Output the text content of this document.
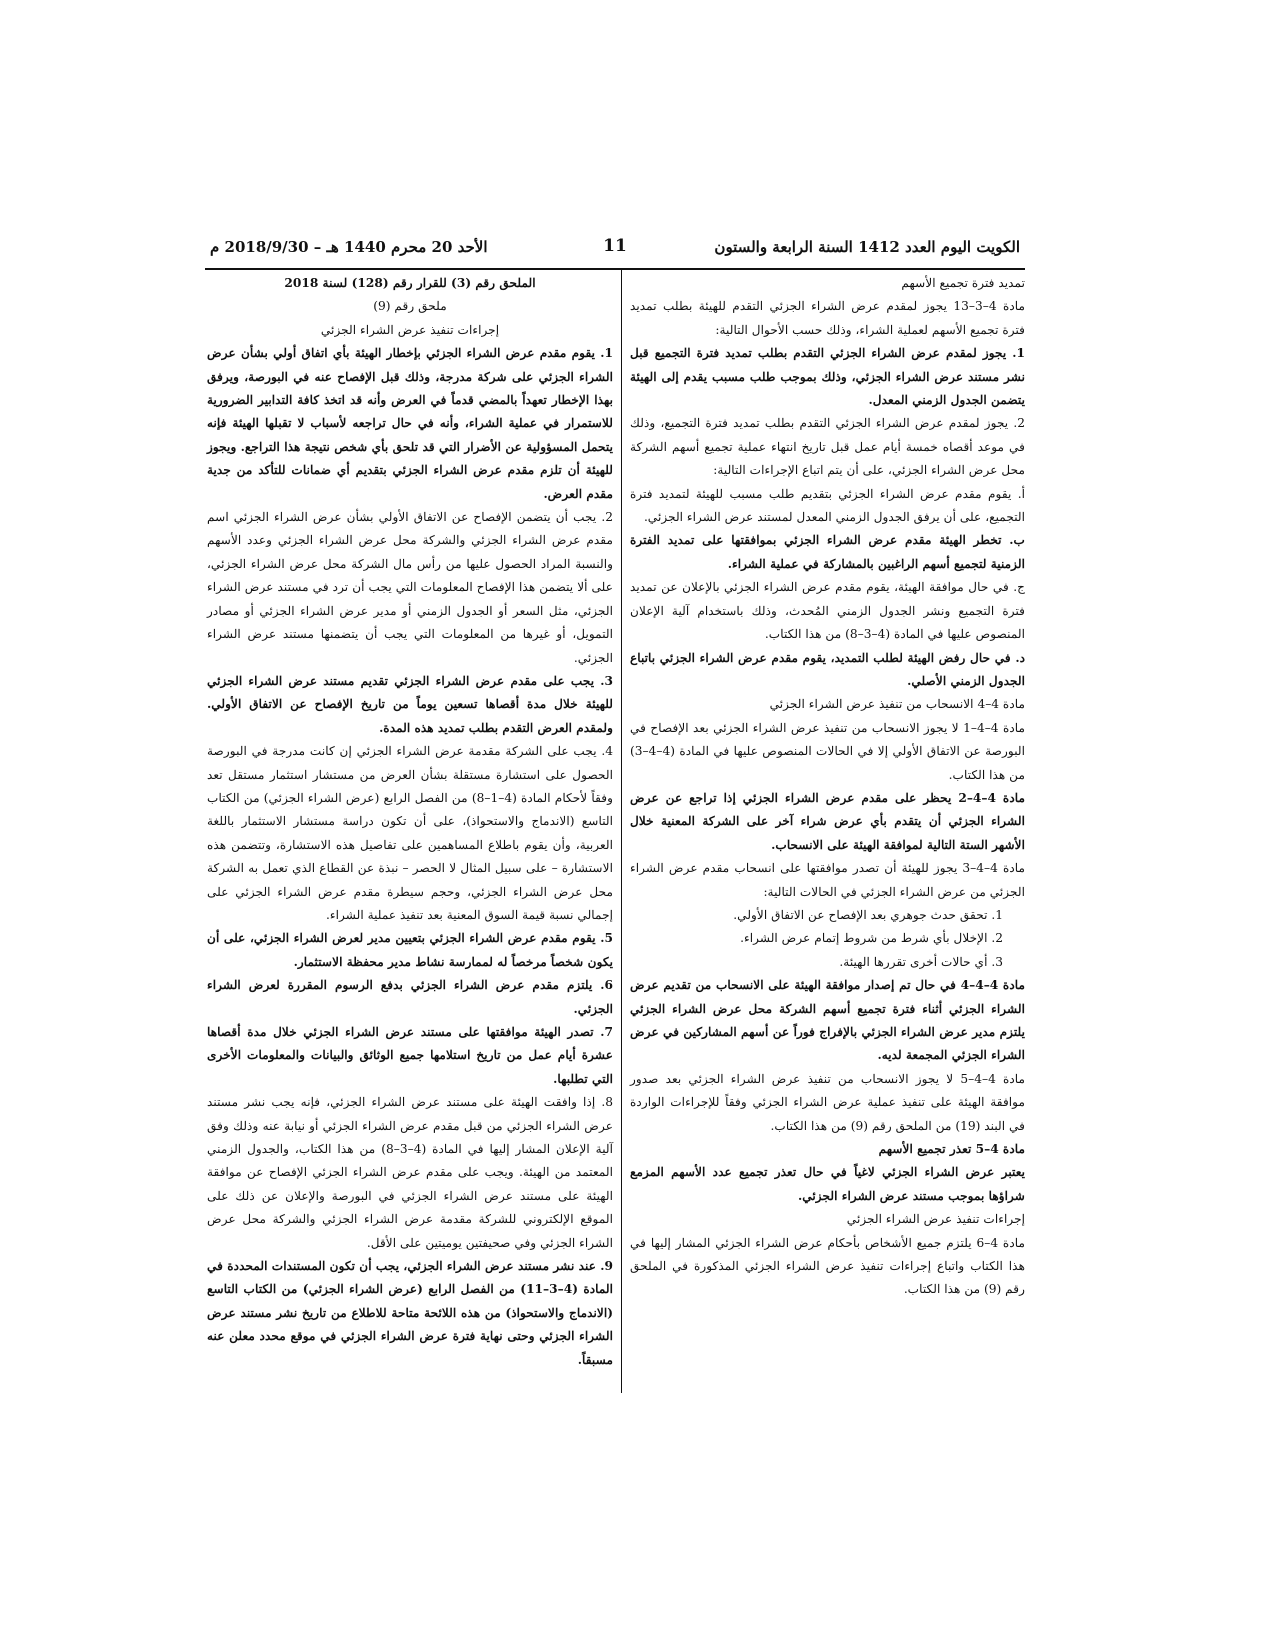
الكويت اليوم العدد 1412 السنة الرابعة والستون
11
الأحد 20 محرم 1440 هـ – 2018/9/30 م

تمديد فترة تجميع الأسهم

مادة 4–3–13 يجوز لمقدم عرض الشراء الجزئي التقدم للهيئة بطلب تمديد فترة تجميع الأسهم لعملية الشراء، وذلك حسب الأحوال التالية:

1. يجوز لمقدم عرض الشراء الجزئي التقدم بطلب تمديد فترة التجميع قبل نشر مستند عرض الشراء الجزئي، وذلك بموجب طلب مسبب يقدم إلى الهيئة يتضمن الجدول الزمني المعدل.

2. يجوز لمقدم عرض الشراء الجزئي التقدم بطلب تمديد فترة التجميع، وذلك في موعد أقصاه خمسة أيام عمل قبل تاريخ انتهاء عملية تجميع أسهم الشركة محل عرض الشراء الجزئي، على أن يتم اتباع الإجراءات التالية:

أ. يقوم مقدم عرض الشراء الجزئي بتقديم طلب مسبب للهيئة لتمديد فترة التجميع، على أن يرفق الجدول الزمني المعدل لمستند عرض الشراء الجزئي.

ب. تخطر الهيئة مقدم عرض الشراء الجزئي بموافقتها على تمديد الفترة الزمنية لتجميع أسهم الراغبين بالمشاركة في عملية الشراء.

ج. في حال موافقة الهيئة، يقوم مقدم عرض الشراء الجزئي بالإعلان عن تمديد فترة التجميع ونشر الجدول الزمني المُحدث، وذلك باستخدام آلية الإعلان المنصوص عليها في المادة (4–3–8) من هذا الكتاب.

د. في حال رفض الهيئة لطلب التمديد، يقوم مقدم عرض الشراء الجزئي باتباع الجدول الزمني الأصلي.

مادة 4–4 الانسحاب من تنفيذ عرض الشراء الجزئي

مادة 4–4–1 لا يجوز الانسحاب من تنفيذ عرض الشراء الجزئي بعد الإفصاح في البورصة عن الاتفاق الأولي إلا في الحالات المنصوص عليها في المادة (4–4–3) من هذا الكتاب.

مادة 4–4–2 يحظر على مقدم عرض الشراء الجزئي إذا تراجع عن عرض الشراء الجزئي أن يتقدم بأي عرض شراء آخر على الشركة المعنية خلال الأشهر الستة التالية لموافقة الهيئة على الانسحاب.

مادة 4–4–3 يجوز للهيئة أن تصدر موافقتها على انسحاب مقدم عرض الشراء الجزئي من عرض الشراء الجزئي في الحالات التالية:

1. تحقق حدث جوهري بعد الإفصاح عن الاتفاق الأولي.

2. الإخلال بأي شرط من شروط إتمام عرض الشراء.

3. أي حالات أخرى تقررها الهيئة.

مادة 4–4–4 في حال تم إصدار موافقة الهيئة على الانسحاب من تقديم عرض الشراء الجزئي أثناء فترة تجميع أسهم الشركة محل عرض الشراء الجزئي يلتزم مدير عرض الشراء الجزئي بالإفراج فوراً عن أسهم المشاركين في عرض الشراء الجزئي المجمعة لديه.

مادة 4–4–5 لا يجوز الانسحاب من تنفيذ عرض الشراء الجزئي بعد صدور موافقة الهيئة على تنفيذ عملية عرض الشراء الجزئي وفقاً للإجراءات الواردة في البند (19) من الملحق رقم (9) من هذا الكتاب.

مادة 4–5 تعذر تجميع الأسهم

يعتبر عرض الشراء الجزئي لاغياً في حال تعذر تجميع عدد الأسهم المزمع شراؤها بموجب مستند عرض الشراء الجزئي.

إجراءات تنفيذ عرض الشراء الجزئي

مادة 4–6 يلتزم جميع الأشخاص بأحكام عرض الشراء الجزئي المشار إليها في هذا الكتاب واتباع إجراءات تنفيذ عرض الشراء الجزئي المذكورة في الملحق رقم (9) من هذا الكتاب.

الملحق رقم (3) للقرار رقم (128) لسنة 2018

ملحق رقم (9)

إجراءات تنفيذ عرض الشراء الجزئي

1. يقوم مقدم عرض الشراء الجزئي بإخطار الهيئة بأي اتفاق أولي بشأن عرض الشراء الجزئي على شركة مدرجة، وذلك قبل الإفصاح عنه في البورصة، ويرفق بهذا الإخطار تعهداً بالمضي قدماً في العرض وأنه قد اتخذ كافة التدابير الضرورية للاستمرار في عملية الشراء، وأنه في حال تراجعه لأسباب لا تقبلها الهيئة فإنه يتحمل المسؤولية عن الأضرار التي قد تلحق بأي شخص نتيجة هذا التراجع. ويجوز للهيئة أن تلزم مقدم عرض الشراء الجزئي بتقديم أي ضمانات للتأكد من جدية مقدم العرض.

2. يجب أن يتضمن الإفصاح عن الاتفاق الأولي بشأن عرض الشراء الجزئي اسم مقدم عرض الشراء الجزئي والشركة محل عرض الشراء الجزئي وعدد الأسهم والنسبة المراد الحصول عليها من رأس مال الشركة محل عرض الشراء الجزئي، على ألا يتضمن هذا الإفصاح المعلومات التي يجب أن ترد في مستند عرض الشراء الجزئي، مثل السعر أو الجدول الزمني أو مدير عرض الشراء الجزئي أو مصادر التمويل، أو غيرها من المعلومات التي يجب أن يتضمنها مستند عرض الشراء الجزئي.

3. يجب على مقدم عرض الشراء الجزئي تقديم مستند عرض الشراء الجزئي للهيئة خلال مدة أقصاها تسعين يوماً من تاريخ الإفصاح عن الاتفاق الأولي. ولمقدم العرض التقدم بطلب تمديد هذه المدة.

4. يجب على الشركة مقدمة عرض الشراء الجزئي إن كانت مدرجة في البورصة الحصول على استشارة مستقلة بشأن العرض من مستشار استثمار مستقل تعد وفقاً لأحكام المادة (4–1–8) من الفصل الرابع (عرض الشراء الجزئي) من الكتاب التاسع (الاندماج والاستحواذ)، على أن تكون دراسة مستشار الاستثمار باللغة العربية، وأن يقوم باطلاع المساهمين على تفاصيل هذه الاستشارة، وتتضمن هذه الاستشارة – على سبيل المثال لا الحصر – نبذة عن القطاع الذي تعمل به الشركة محل عرض الشراء الجزئي، وحجم سيطرة مقدم عرض الشراء الجزئي على إجمالي نسبة قيمة السوق المعنية بعد تنفيذ عملية الشراء.

5. يقوم مقدم عرض الشراء الجزئي بتعيين مدير لعرض الشراء الجزئي، على أن يكون شخصاً مرخصاً له لممارسة نشاط مدير محفظة الاستثمار.

6. يلتزم مقدم عرض الشراء الجزئي بدفع الرسوم المقررة لعرض الشراء الجزئي.

7. تصدر الهيئة موافقتها على مستند عرض الشراء الجزئي خلال مدة أقصاها عشرة أيام عمل من تاريخ استلامها جميع الوثائق والبيانات والمعلومات الأخرى التي تطلبها.

8. إذا وافقت الهيئة على مستند عرض الشراء الجزئي، فإنه يجب نشر مستند عرض الشراء الجزئي من قبل مقدم عرض الشراء الجزئي أو نيابة عنه وذلك وفق آلية الإعلان المشار إليها في المادة (4–3–8) من هذا الكتاب، والجدول الزمني المعتمد من الهيئة. ويجب على مقدم عرض الشراء الجزئي الإفصاح عن موافقة الهيئة على مستند عرض الشراء الجزئي في البورصة والإعلان عن ذلك على الموقع الإلكتروني للشركة مقدمة عرض الشراء الجزئي والشركة محل عرض الشراء الجزئي وفي صحيفتين يوميتين على الأقل.

9. عند نشر مستند عرض الشراء الجزئي، يجب أن تكون المستندات المحددة في المادة (4–3–11) من الفصل الرابع (عرض الشراء الجزئي) من الكتاب التاسع (الاندماج والاستحواذ) من هذه اللائحة متاحة للاطلاع من تاريخ نشر مستند عرض الشراء الجزئي وحتى نهاية فترة عرض الشراء الجزئي في موقع محدد معلن عنه مسبقاً.
